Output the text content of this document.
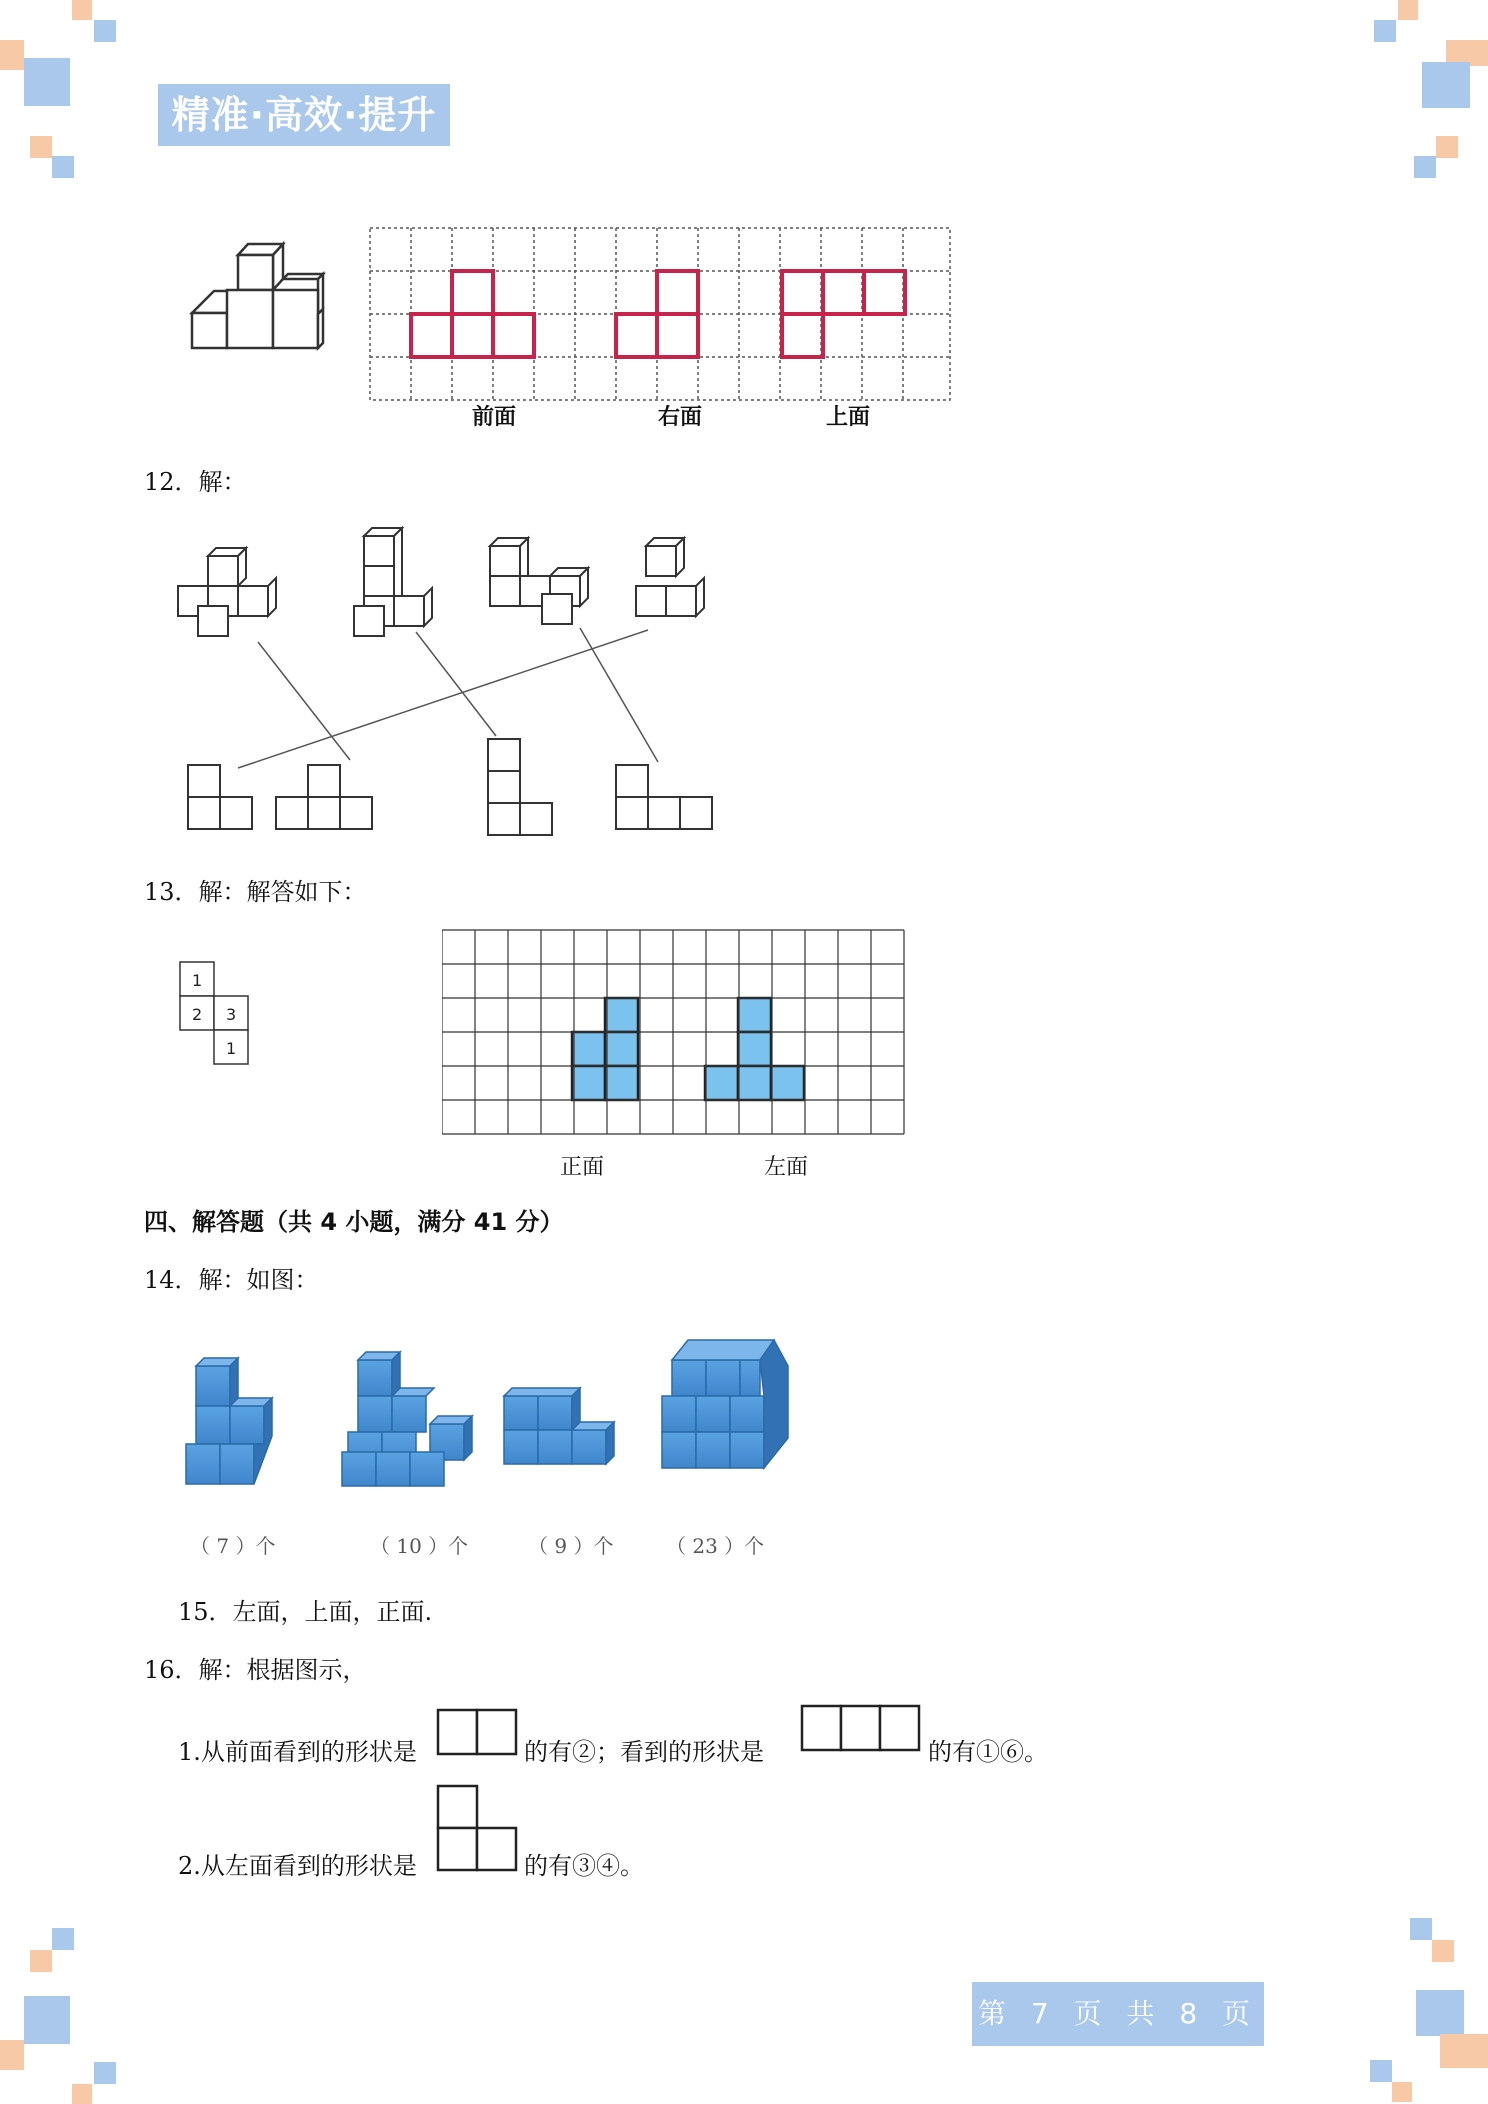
精准·高效·提升
前面	右面	上面
12．解：
13．解：解答如下：
1
2 3
1
正面	左面
四、解答题（共 4 小题，满分 41 分）
14．解：如图：
（ 7 ）个	（ 10 ）个	（ 9 ）个	（ 23 ）个
15．左面，上面，正面.
16．解：根据图示，
1.从前面看到的形状是	的有②；看到的形状是	的有①⑥。
2.从左面看到的形状是	的有③④。
第 7 页 共 8 页
